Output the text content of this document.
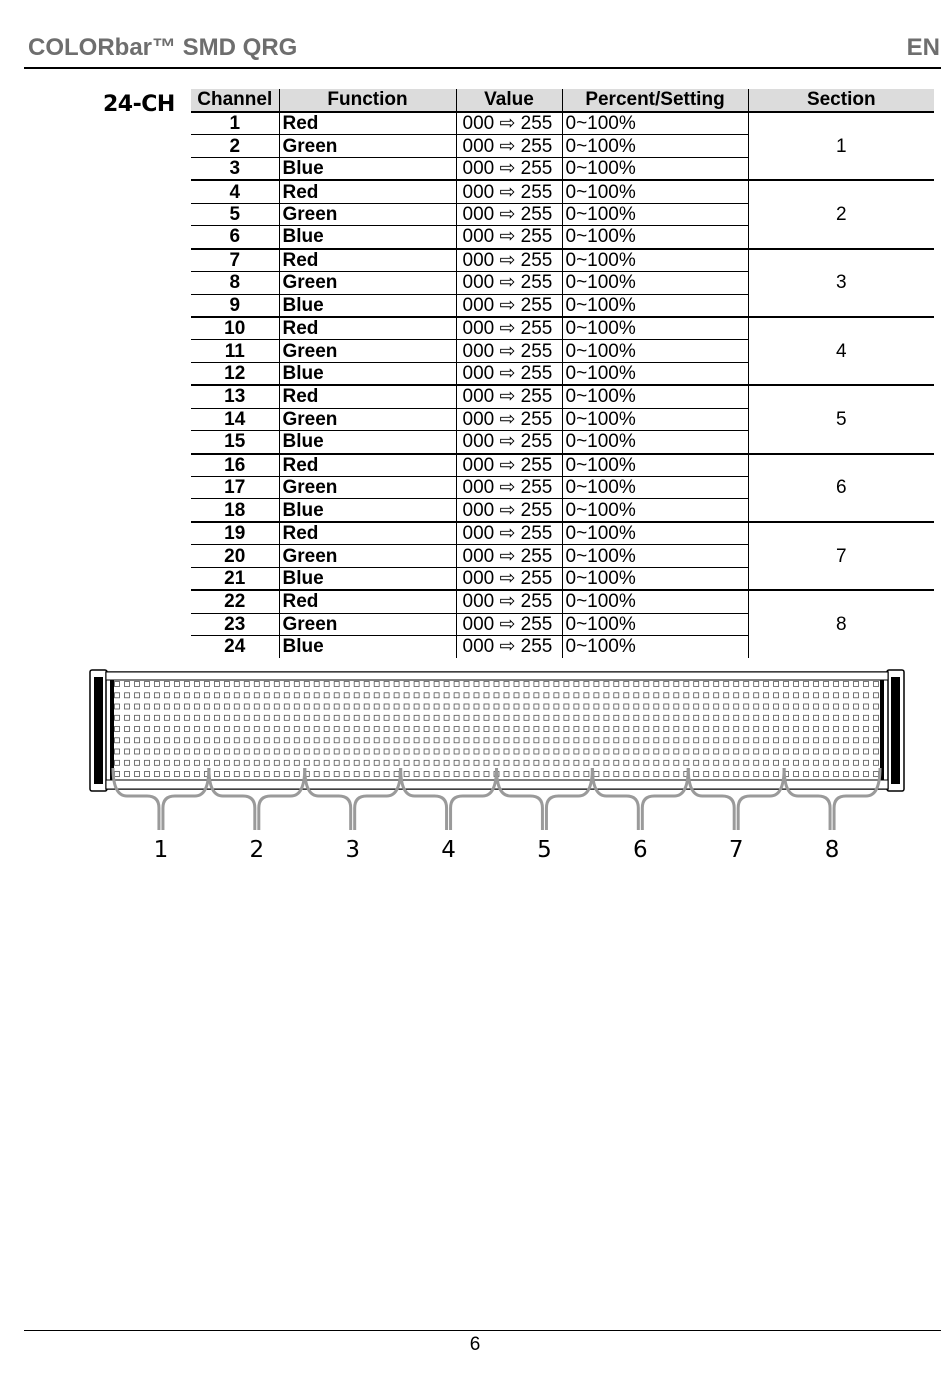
COLORbar™ SMD QRG	EN
24-CH Channel	Function	Value	Percent/Setting	Section
1	Red	000 ⇨ 255	0~100%	1
2	Green	000 ⇨ 255	0~100%	
3	Blue	000 ⇨ 255	0~100%	
4	Red	000 ⇨ 255	0~100%	2
5	Green	000 ⇨ 255	0~100%	
6	Blue	000 ⇨ 255	0~100%	
7	Red	000 ⇨ 255	0~100%	3
8	Green	000 ⇨ 255	0~100%	
9	Blue	000 ⇨ 255	0~100%	
10	Red	000 ⇨ 255	0~100%	4
11	Green	000 ⇨ 255	0~100%	
12	Blue	000 ⇨ 255	0~100%	
13	Red	000 ⇨ 255	0~100%	5
14	Green	000 ⇨ 255	0~100%	
15	Blue	000 ⇨ 255	0~100%	
16	Red	000 ⇨ 255	0~100%	6
17	Green	000 ⇨ 255	0~100%	
18	Blue	000 ⇨ 255	0~100%	
19	Red	000 ⇨ 255	0~100%	7
20	Green	000 ⇨ 255	0~100%	
21	Blue	000 ⇨ 255	0~100%	
22	Red	000 ⇨ 255	0~100%	8
23	Green	000 ⇨ 255	0~100%	
24	Blue	000 ⇨ 255	0~100%	
1	2	3	4	5	6	7	8
6
